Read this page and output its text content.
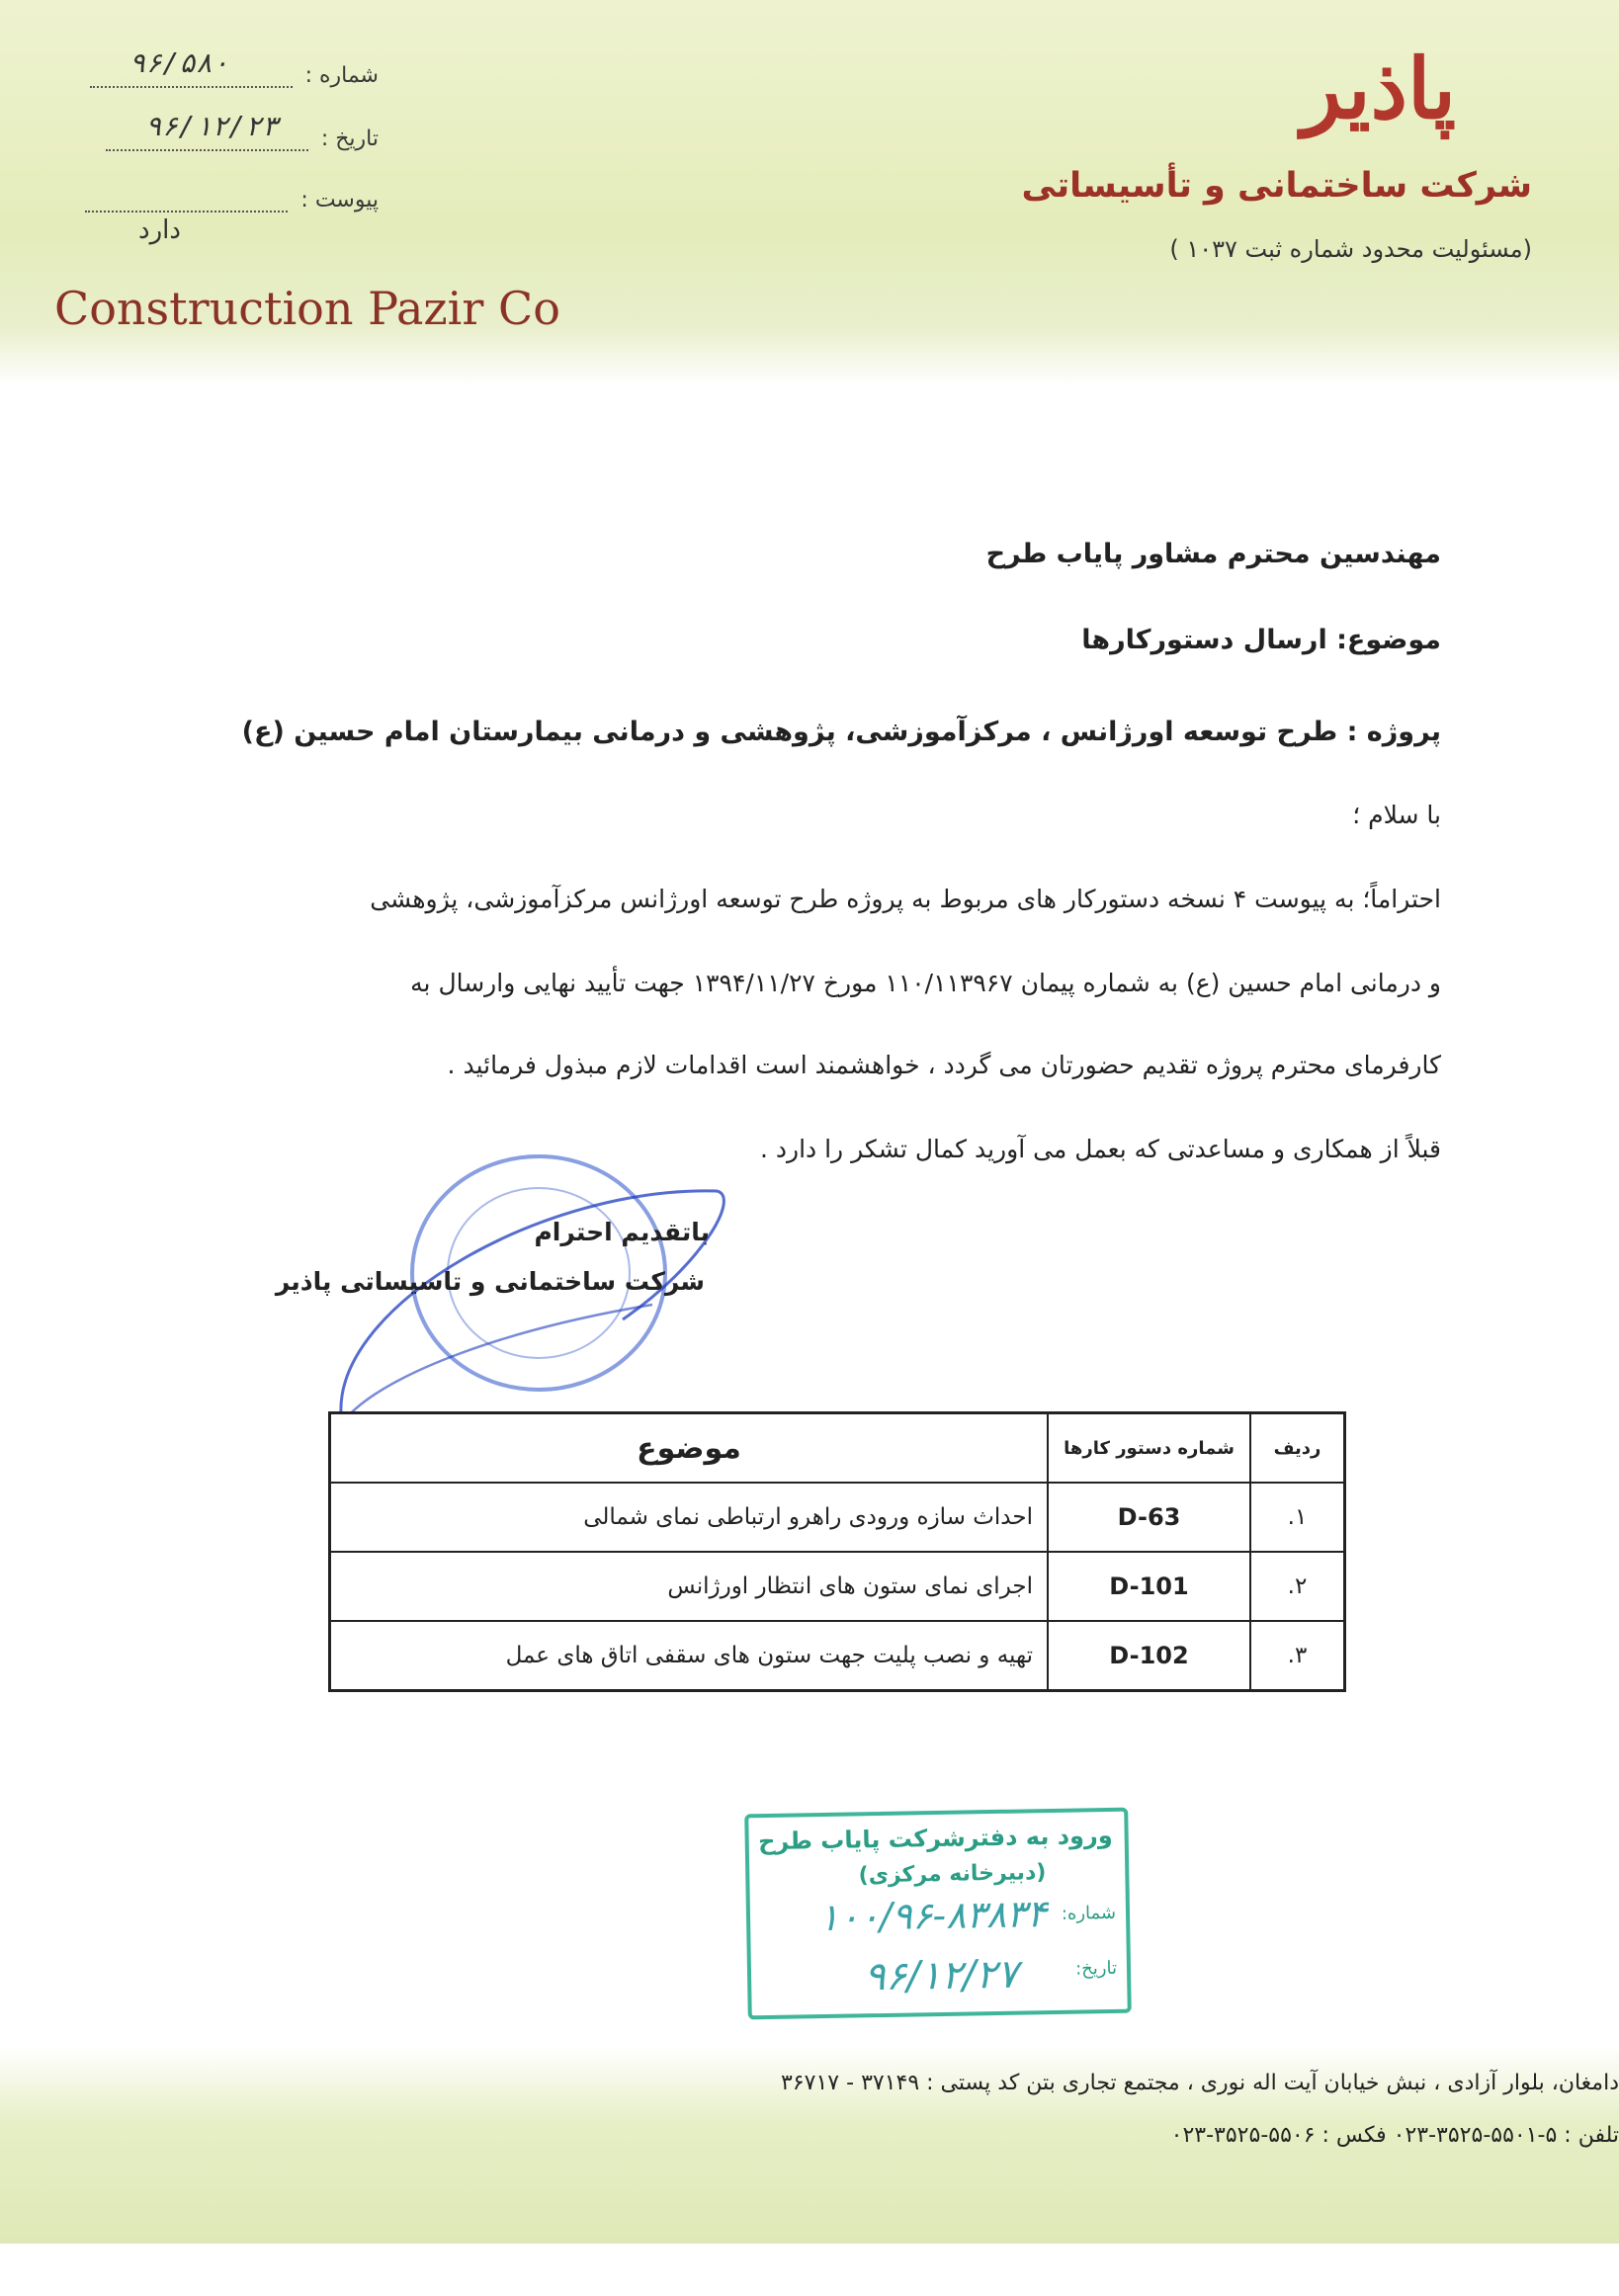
پاذیر
شرکت ساختمانی و تأسیساتی
(مسئولیت محدود شماره ثبت ۱۰۳۷ )
Construction Pazir Co
شماره :
۹۶/۵۸۰
تاریخ :
۹۶/۱۲/۲۳
پیوست :
دارد
مهندسین محترم مشاور پایاب طرح
موضوع: ارسال دستورکارها
پروژه : طرح توسعه اورژانس ، مرکزآموزشی، پژوهشی و درمانی بیمارستان امام حسین (ع)
با سلام ؛
احتراماً؛ به پیوست ۴ نسخه دستورکار های مربوط به پروژه طرح توسعه اورژانس مرکزآموزشی، پژوهشی
و درمانی امام حسین (ع) به شماره پیمان ۱۱۰/۱۱۳۹۶۷ مورخ ۱۳۹۴/۱۱/۲۷ جهت تأیید نهایی وارسال به
کارفرمای محترم پروژه تقدیم حضورتان می گردد ، خواهشمند است اقدامات لازم مبذول فرمائید .
قبلاً از همکاری و مساعدتی که بعمل می آورید کمال تشکر را دارد .
باتقدیم احترام
شرکت ساختمانی و تاسیساتی پاذیر
ردیف	شماره دستور کارها	موضوع
۱.	D-63	احداث سازه ورودی راهرو ارتباطی نمای شمالی
۲.	D-101	اجرای نمای ستون های انتظار اورژانس
۳.	D-102	تهیه و نصب پلیت جهت ستون های سقفی اتاق های عمل
ورود به دفترشرکت پایاب طرح
(دبیرخانه مرکزی)
شماره:
۱۰۰/۹۶-۸۳۸۳۴
تاریخ:
۹۶/۱۲/۲۷
دامغان، بلوار آزادی ، نبش خیابان آیت اله نوری ، مجتمع تجاری بتن کد پستی : ۳۷۱۴۹ - ۳۶۷۱۷
تلفن : ۵-۵۵۰۱-۳۵۲۵-۰۲۳ فکس : ۵۵۰۶-۳۵۲۵-۰۲۳
